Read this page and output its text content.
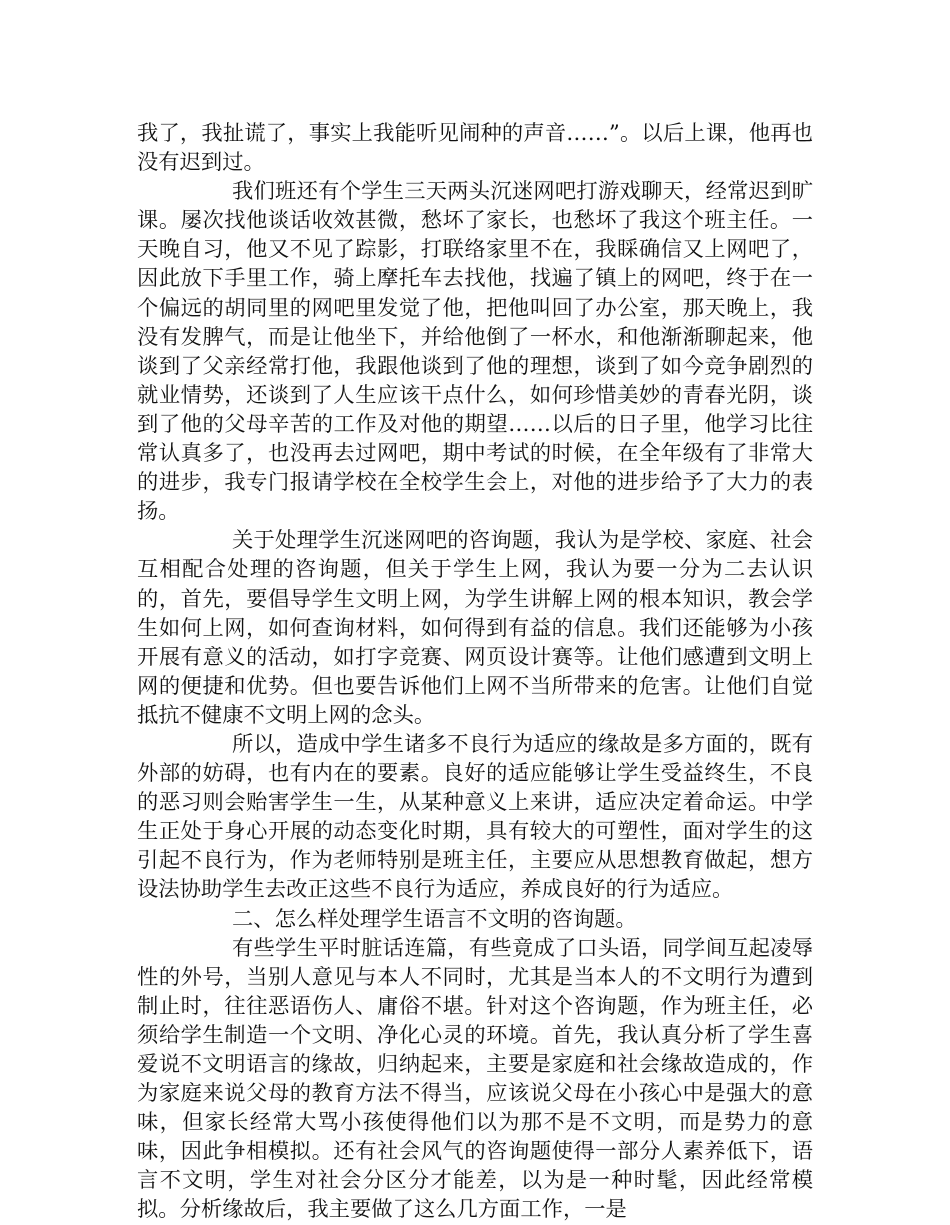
我了，我扯谎了，事实上我能听见闹种的声音……”。以后上课，他再也没有迟到过。

我们班还有个学生三天两头沉迷网吧打游戏聊天，经常迟到旷课。屡次找他谈话收效甚微，愁坏了家长，也愁坏了我这个班主任。一天晚自习，他又不见了踪影，打联络家里不在，我睬确信又上网吧了，因此放下手里工作，骑上摩托车去找他，找遍了镇上的网吧，终于在一个偏远的胡同里的网吧里发觉了他，把他叫回了办公室，那天晚上，我没有发脾气，而是让他坐下，并给他倒了一杯水，和他渐渐聊起来，他谈到了父亲经常打他，我跟他谈到了他的理想，谈到了如今竞争剧烈的就业情势，还谈到了人生应该干点什么，如何珍惜美妙的青春光阴，谈到了他的父母辛苦的工作及对他的期望……以后的日子里，他学习比往常认真多了，也没再去过网吧，期中考试的时候，在全年级有了非常大的进步，我专门报请学校在全校学生会上，对他的进步给予了大力的表扬。

关于处理学生沉迷网吧的咨询题，我认为是学校、家庭、社会互相配合处理的咨询题，但关于学生上网，我认为要一分为二去认识的，首先，要倡导学生文明上网，为学生讲解上网的根本知识，教会学生如何上网，如何查询材料，如何得到有益的信息。我们还能够为小孩开展有意义的活动，如打字竞赛、网页设计赛等。让他们感遭到文明上网的便捷和优势。但也要告诉他们上网不当所带来的危害。让他们自觉抵抗不健康不文明上网的念头。

所以，造成中学生诸多不良行为适应的缘故是多方面的，既有外部的妨碍，也有内在的要素。良好的适应能够让学生受益终生，不良的恶习则会贻害学生一生，从某种意义上来讲，适应决定着命运。中学生正处于身心开展的动态变化时期，具有较大的可塑性，面对学生的这引起不良行为，作为老师特别是班主任，主要应从思想教育做起，想方设法协助学生去改正这些不良行为适应，养成良好的行为适应。

二、怎么样处理学生语言不文明的咨询题。

有些学生平时脏话连篇，有些竟成了口头语，同学间互起凌辱性的外号，当别人意见与本人不同时，尤其是当本人的不文明行为遭到制止时，往往恶语伤人、庸俗不堪。针对这个咨询题，作为班主任，必须给学生制造一个文明、净化心灵的环境。首先，我认真分析了学生喜爱说不文明语言的缘故，归纳起来，主要是家庭和社会缘故造成的，作为家庭来说父母的教育方法不得当，应该说父母在小孩心中是强大的意味，但家长经常大骂小孩使得他们以为那不是不文明，而是势力的意味，因此争相模拟。还有社会风气的咨询题使得一部分人素养低下，语言不文明，学生对社会分区分才能差，以为是一种时髦，因此经常模拟。分析缘故后，我主要做了这么几方面工作，一是
